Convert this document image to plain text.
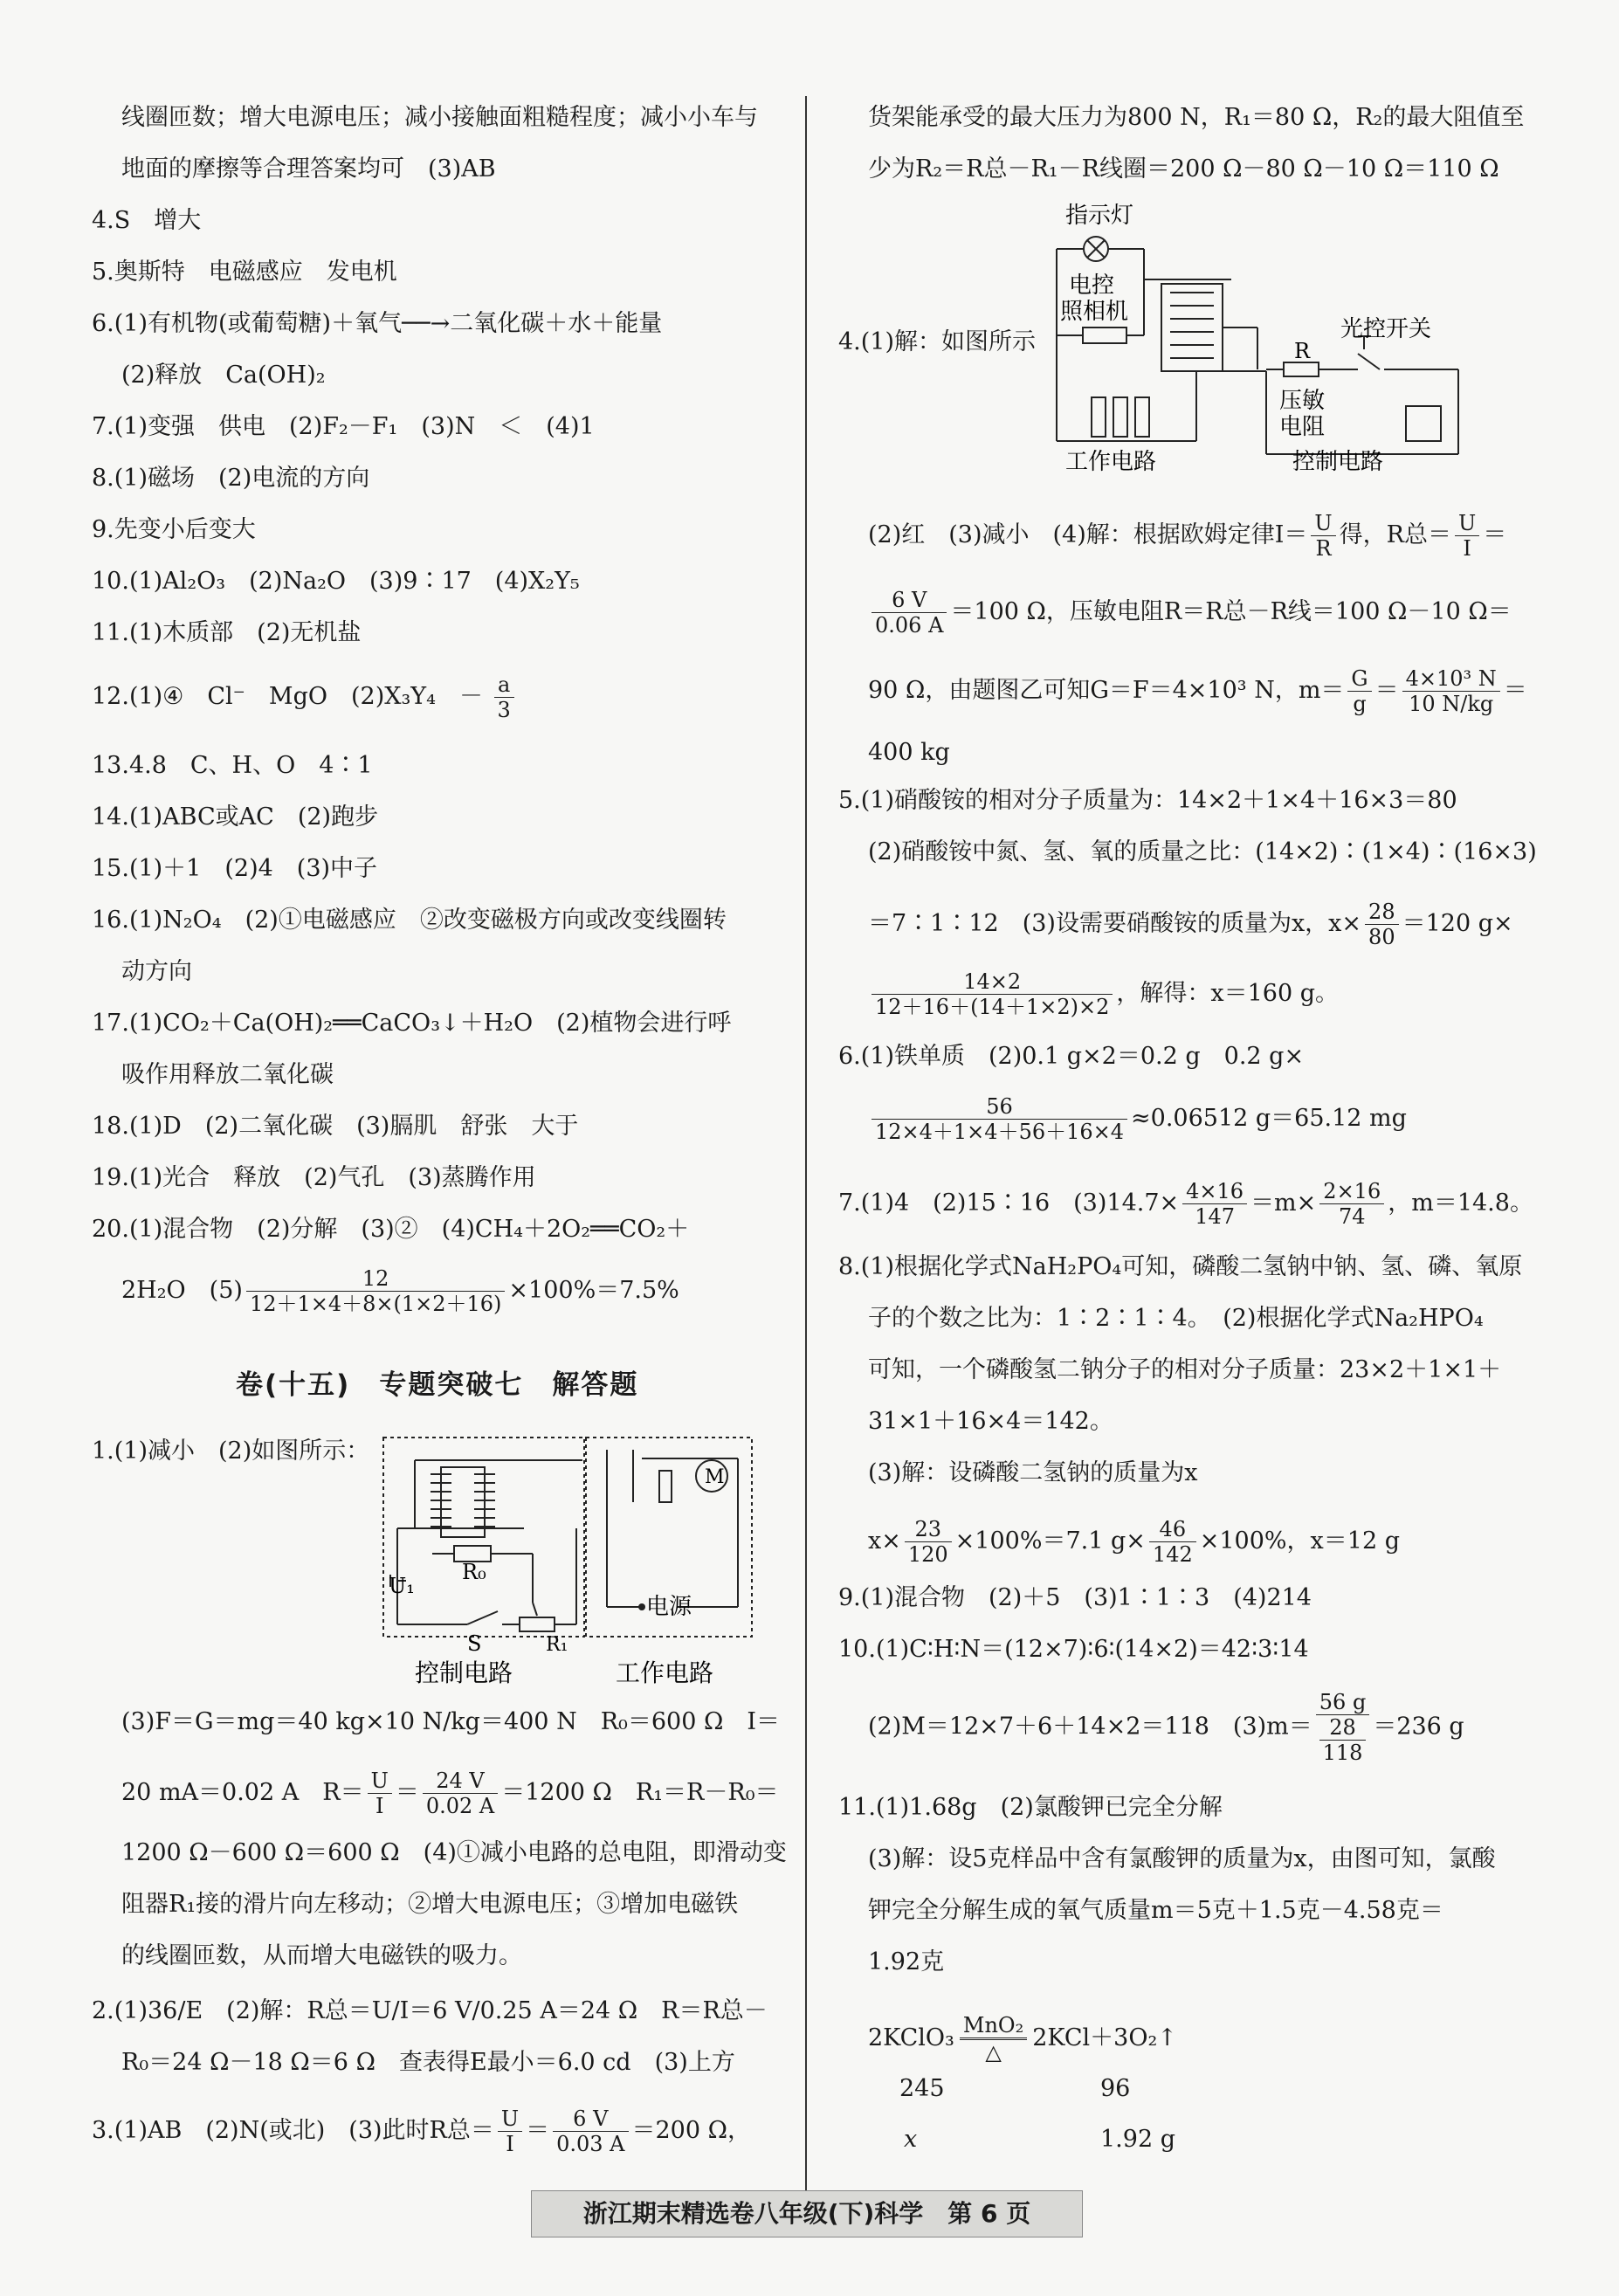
线圈匝数；增大电源电压；减小接触面粗糙程度；减小小车与
地面的摩擦等合理答案均可　(3)AB
4.S　增大
5.奥斯特　电磁感应　发电机
6.(1)有机物(或葡萄糖)＋氧气──→二氧化碳＋水＋能量
(2)释放　Ca(OH)₂
7.(1)变强　供电　(2)F₂－F₁　(3)N　＜　(4)1
8.(1)磁场　(2)电流的方向
9.先变小后变大
10.(1)Al₂O₃　(2)Na₂O　(3)9∶17　(4)X₂Y₅
11.(1)木质部　(2)无机盐
12.(1)④　Cl⁻　MgO　(2)X₃Y₄　－ $\frac{a}{3}$
13.4.8　C、H、O　4∶1
14.(1)ABC或AC　(2)跑步
15.(1)＋1　(2)4　(3)中子
16.(1)N₂O₄　(2)①电磁感应　②改变磁极方向或改变线圈转
动方向
17.(1)CO₂＋Ca(OH)₂══CaCO₃↓＋H₂O　(2)植物会进行呼
吸作用释放二氧化碳
18.(1)D　(2)二氧化碳　(3)膈肌　舒张　大于
19.(1)光合　释放　(2)气孔　(3)蒸腾作用
20.(1)混合物　(2)分解　(3)②　(4)CH₄＋2O₂══CO₂＋
2H₂O　$(5) \frac{12}{12+1\times 4+8\times(1\times 2+16)} \times 100\%=7.5\%$
卷(十五)　专题突破七　解答题
1.(1)减小　(2)如图所示：
R₀
U₁
S	R₁
M
电源
控制电路	工作电路
(3)F＝G＝mg＝40 kg×10 N/kg＝400 N　R₀＝600 Ω　I＝
20 mA＝0.02 A　$R= \frac{U}{I} = \frac{24 V}{0.02 A} =1200$ Ω　R₁＝R－R₀＝
1200 Ω－600 Ω＝600 Ω　(4)①减小电路的总电阻，即滑动变
阻器R₁接的滑片向左移动；②增大电源电压；③增加电磁铁
的线圈匝数，从而增大电磁铁的吸力。
2.(1)36/E　(2)解：R总＝U/I＝6 V/0.25 A＝24 Ω　R＝R总－
R₀＝24 Ω－18 Ω＝6 Ω　查表得E最小＝6.0 cd　(3)上方
3.(1)AB　(2)N(或北)　(3)此时R总＝ $\frac{U}{I} = \frac{6 V}{0.03 A} =200$ Ω，
货架能承受的最大压力为800 N，R₁＝80 Ω，R₂的最大阻值至
少为R₂＝R总－R₁－R线圈＝200 Ω－80 Ω－10 Ω＝110 Ω
4.(1)解：如图所示
指示灯
电控
照相机
光控开关
R
压敏
电阻
工作电路	控制电路
(2)红　(3)减小　(4)解：根据欧姆定律$I= \frac{U}{R}$ 得，R总＝ $\frac{U}{I}$ ＝
$\frac{6 V}{0.06 A} =100$ Ω，压敏电阻R＝R总－R线＝100 Ω－10 Ω＝
90 Ω，由题图乙可知G＝F＝4×10³ N，$m= \frac{G}{g} = \frac{\text{4×10³ N}}{10 N/kg}$ ＝
400 kg
5.(1)硝酸铵的相对分子质量为：14×2＋1×4＋16×3＝80
(2)硝酸铵中氮、氢、氧的质量之比：(14×2)∶(1×4)∶(16×3)
＝7∶1∶12　(3)设需要硝酸铵的质量为x，$x\times \frac{28}{80} =120$ g×
$\frac{14\times 2}{12+16+(14+1\times 2)\times 2}$ ，解得：x＝160 g。
6.(1)铁单质　(2)0.1 g×2＝0.2 g　0.2 g×
$\frac{56}{12\times 4+1\times 4+56+16\times 4} \approx 0.06512$ g＝65.12 mg
7.(1)4　(2)15∶16　$(3)14.7\times \frac{4\times 16}{147} =m\times \frac{2\times 16}{74}$ ，m＝14.8。
8.(1)根据化学式NaH₂PO₄可知，磷酸二氢钠中钠、氢、磷、氧原
子的个数之比为：1∶2∶1∶4。　(2)根据化学式Na₂HPO₄
可知，一个磷酸氢二钠分子的相对分子质量：23×2＋1×1＋
31×1＋16×4＝142。
(3)解：设磷酸二氢钠的质量为x
$x\times \frac{23}{120} \times 100\%=7.1$ $g\times \frac{46}{142} \times 100\%$，x＝12 g
9.(1)混合物　(2)＋5　(3)1∶1∶3　(4)214
10.(1)C∶H∶N＝(12×7)∶6∶(14×2)＝42∶3∶14
(2)M＝12×7＋6＋14×2＝118　(3)m＝ 56 g
28
118 ＝236 g
11.(1)1.68g　(2)氯酸钾已完全分解
(3)解：设5克样品中含有氯酸钾的质量为x，由图可知，氯酸
钾完全分解生成的氧气质量m＝5克＋1.5克－4.58克＝
1.92克
2KClO₃ $\frac{\text{MnO₂}}{\triangle}$ 2KCl＋3O₂↑
245	96
x	1.92 g
浙江期末精选卷八年级(下)科学　第 6 页
